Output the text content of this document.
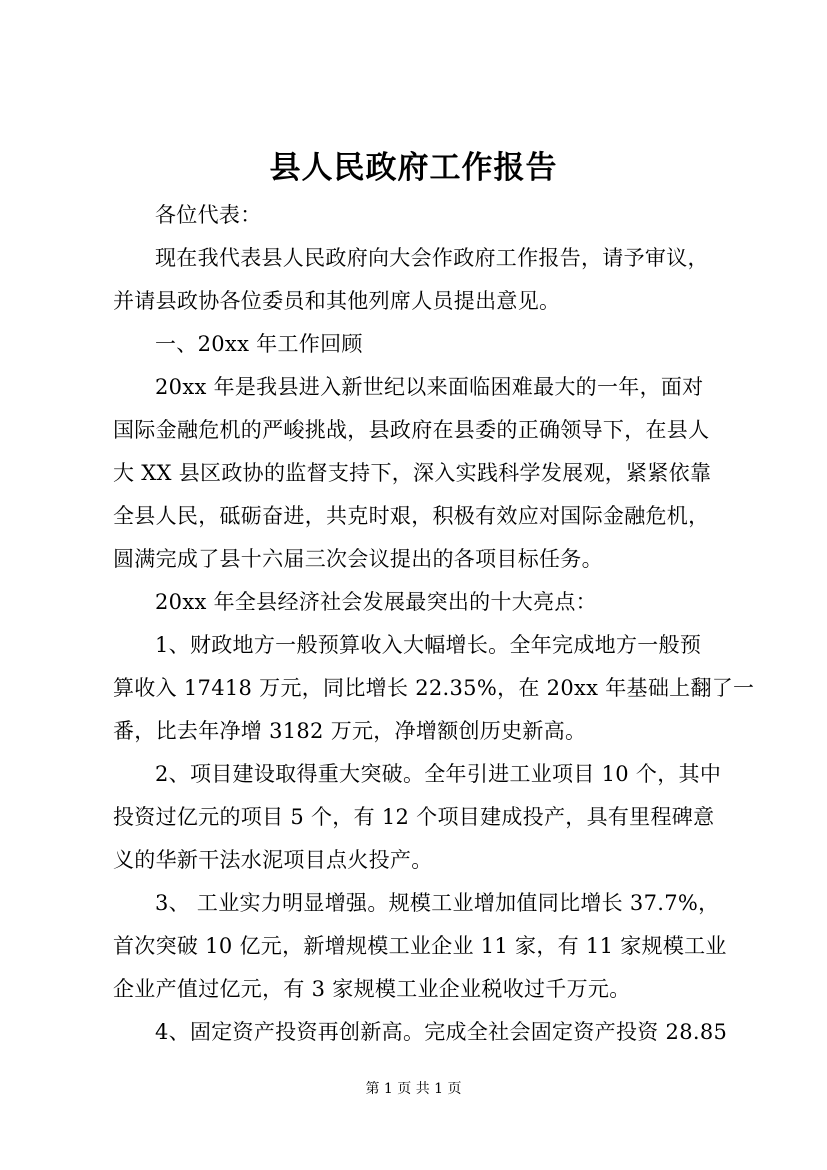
县人民政府工作报告
各位代表：
现在我代表县人民政府向大会作政府工作报告，请予审议，
并请县政协各位委员和其他列席人员提出意见。
一、20xx 年工作回顾
20xx 年是我县进入新世纪以来面临困难最大的一年，面对
国际金融危机的严峻挑战，县政府在县委的正确领导下，在县人
大 XX 县区政协的监督支持下，深入实践科学发展观，紧紧依靠
全县人民，砥砺奋进，共克时艰，积极有效应对国际金融危机，
圆满完成了县十六届三次会议提出的各项目标任务。
20xx 年全县经济社会发展最突出的十大亮点：
1、财政地方一般预算收入大幅增长。全年完成地方一般预
算收入 17418 万元，同比增长 22.35%，在 20xx 年基础上翻了一
番，比去年净增 3182 万元，净增额创历史新高。
2、项目建设取得重大突破。全年引进工业项目 10 个，其中
投资过亿元的项目 5 个，有 12 个项目建成投产，具有里程碑意
义的华新干法水泥项目点火投产。
3、 工业实力明显增强。规模工业增加值同比增长 37.7%，
首次突破 10 亿元，新增规模工业企业 11 家，有 11 家规模工业
企业产值过亿元，有 3 家规模工业企业税收过千万元。
4、固定资产投资再创新高。完成全社会固定资产投资 28.85
第 1 页 共 1 页
